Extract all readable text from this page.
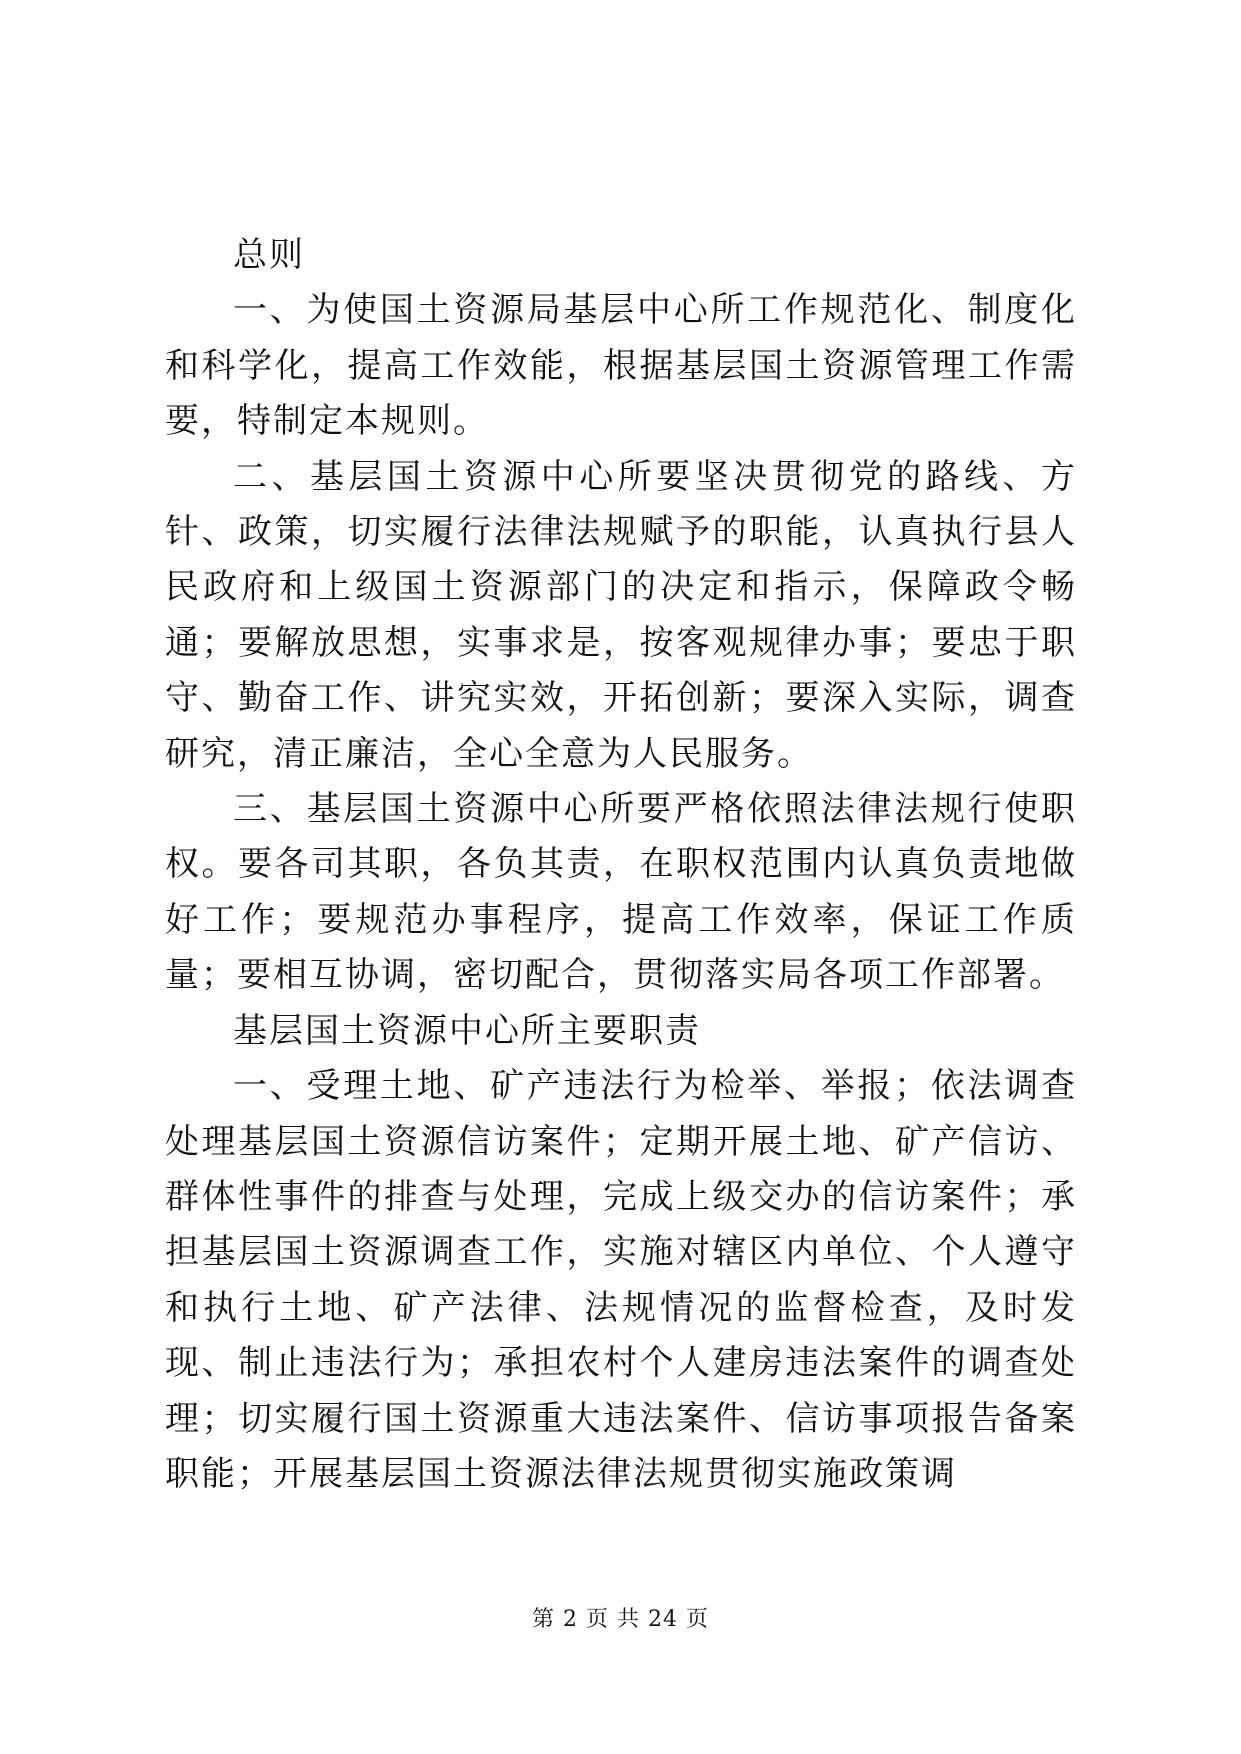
总则

一、为使国土资源局基层中心所工作规范化、制度化和科学化，提高工作效能，根据基层国土资源管理工作需要，特制定本规则。

二、基层国土资源中心所要坚决贯彻党的路线、方针、政策，切实履行法律法规赋予的职能，认真执行县人民政府和上级国土资源部门的决定和指示，保障政令畅通；要解放思想，实事求是，按客观规律办事；要忠于职守、勤奋工作、讲究实效，开拓创新；要深入实际，调查研究，清正廉洁，全心全意为人民服务。

三、基层国土资源中心所要严格依照法律法规行使职权。要各司其职，各负其责，在职权范围内认真负责地做好工作；要规范办事程序，提高工作效率，保证工作质量；要相互协调，密切配合，贯彻落实局各项工作部署。

基层国土资源中心所主要职责

一、受理土地、矿产违法行为检举、举报；依法调查处理基层国土资源信访案件；定期开展土地、矿产信访、群体性事件的排查与处理，完成上级交办的信访案件；承担基层国土资源调查工作，实施对辖区内单位、个人遵守和执行土地、矿产法律、法规情况的监督检查，及时发现、制止违法行为；承担农村个人建房违法案件的调查处理；切实履行国土资源重大违法案件、信访事项报告备案职能；开展基层国土资源法律法规贯彻实施政策调

第 2 页 共 24 页
